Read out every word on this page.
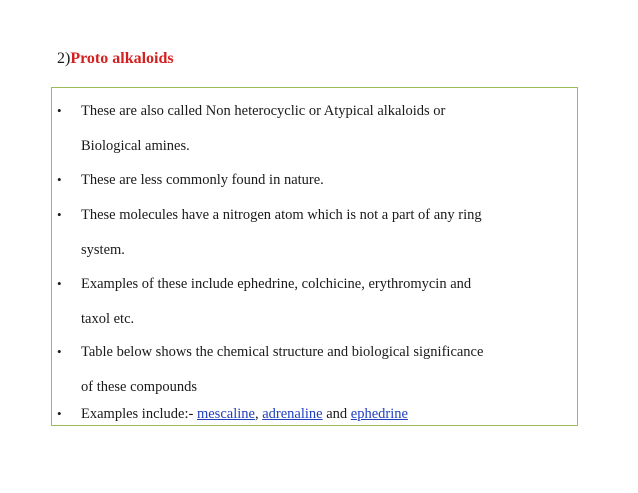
2)Proto alkaloids
• These are also called Non heterocyclic or Atypical alkaloids or
Biological amines.
• These are less commonly found in nature.
• These molecules have a nitrogen atom which is not a part of any ring
system.
• Examples of these include ephedrine, colchicine, erythromycin and
taxol etc.
• Table below shows the chemical structure and biological significance
of these compounds
• Examples include:- mescaline, adrenaline and ephedrine
